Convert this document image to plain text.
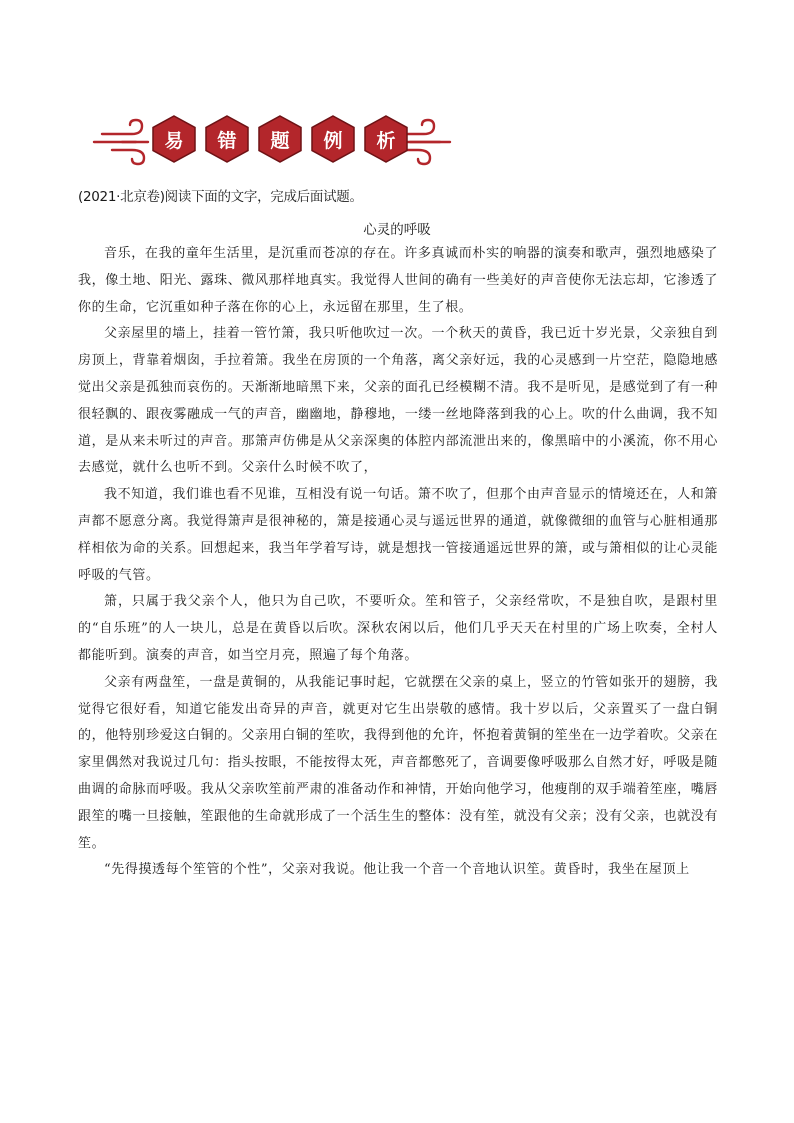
易 错 题 例 析
(2021·北京卷)阅读下面的文字，完成后面试题。
心灵的呼吸

音乐，在我的童年生活里，是沉重而苍凉的存在。许多真诚而朴实的响器的演奏和歌声，强烈地感染了我，像土地、阳光、露珠、微风那样地真实。我觉得人世间的确有一些美好的声音使你无法忘却，它渗透了你的生命，它沉重如种子落在你的心上，永远留在那里，生了根。

父亲屋里的墙上，挂着一管竹箫，我只听他吹过一次。一个秋天的黄昏，我已近十岁光景，父亲独自到房顶上，背靠着烟囱，手拉着箫。我坐在房顶的一个角落，离父亲好远，我的心灵感到一片空茫，隐隐地感觉出父亲是孤独而哀伤的。天渐渐地暗黑下来，父亲的面孔已经模糊不清。我不是听见，是感觉到了有一种很轻飘的、跟夜雾融成一气的声音，幽幽地，静穆地，一缕一丝地降落到我的心上。吹的什么曲调，我不知道，是从来未听过的声音。那箫声仿佛是从父亲深奥的体腔内部流泄出来的，像黑暗中的小溪流，你不用心去感觉，就什么也听不到。父亲什么时候不吹了，

我不知道，我们谁也看不见谁，互相没有说一句话。箫不吹了，但那个由声音显示的情境还在，人和箫声都不愿意分离。我觉得箫声是很神秘的，箫是接通心灵与遥远世界的通道，就像微细的血管与心脏相通那样相依为命的关系。回想起来，我当年学着写诗，就是想找一管接通遥远世界的箫，或与箫相似的让心灵能呼吸的气管。

箫，只属于我父亲个人，他只为自己吹，不要听众。笙和管子，父亲经常吹，不是独自吹，是跟村里的“自乐班”的人一块儿，总是在黄昏以后吹。深秋农闲以后，他们几乎天天在村里的广场上吹奏，全村人都能听到。演奏的声音，如当空月亮，照遍了每个角落。

父亲有两盘笙，一盘是黄铜的，从我能记事时起，它就摆在父亲的桌上，竖立的竹管如张开的翅膀，我觉得它很好看，知道它能发出奇异的声音，就更对它生出崇敬的感情。我十岁以后，父亲置买了一盘白铜的，他特别珍爱这白铜的。父亲用白铜的笙吹，我得到他的允许，怀抱着黄铜的笙坐在一边学着吹。父亲在家里偶然对我说过几句：指头按眼，不能按得太死，声音都憋死了，音调要像呼吸那么自然才好，呼吸是随曲调的命脉而呼吸。我从父亲吹笙前严肃的准备动作和神情，开始向他学习，他瘦削的双手端着笙座，嘴唇跟笙的嘴一旦接触，笙跟他的生命就形成了一个活生生的整体：没有笙，就没有父亲；没有父亲，也就没有笙。

“先得摸透每个笙管的个性”，父亲对我说。他让我一个音一个音地认识笙。黄昏时，我坐在屋顶上
